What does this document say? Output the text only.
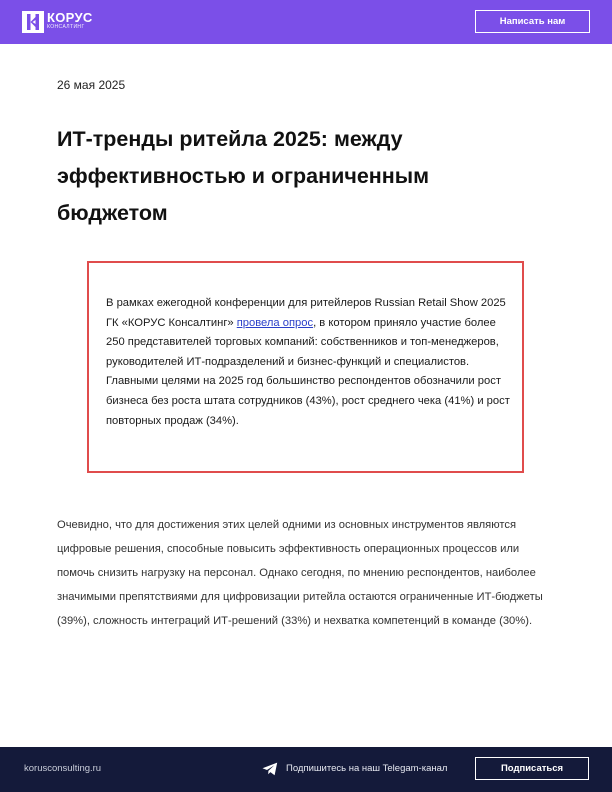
КОРУС
КОНСАЛТИНГ	Написать нам
26 мая 2025
ИТ-тренды ритейла 2025: между эффективностью и ограниченным бюджетом

В рамках ежегодной конференции для ритейлеров Russian Retail Show 2025 ГК «КОРУС Консалтинг» провела опрос, в котором приняло участие более 250 представителей торговых компаний: собственников и топ-менеджеров, руководителей ИТ-подразделений и бизнес-функций и специалистов. Главными целями на 2025 год большинство респондентов обозначили рост бизнеса без роста штата сотрудников (43%), рост среднего чека (41%) и рост повторных продаж (34%).

Очевидно, что для достижения этих целей одними из основных инструментов являются цифровые решения, способные повысить эффективность операционных процессов или помочь снизить нагрузку на персонал. Однако сегодня, по мнению респондентов, наиболее значимыми препятствиями для цифровизации ритейла остаются ограниченные ИТ-бюджеты (39%), сложность интеграций ИТ-решений (33%) и нехватка компетенций в команде (30%).

korusconsulting.ru	Подпишитесь на наш Telegam-канал	Подписаться
